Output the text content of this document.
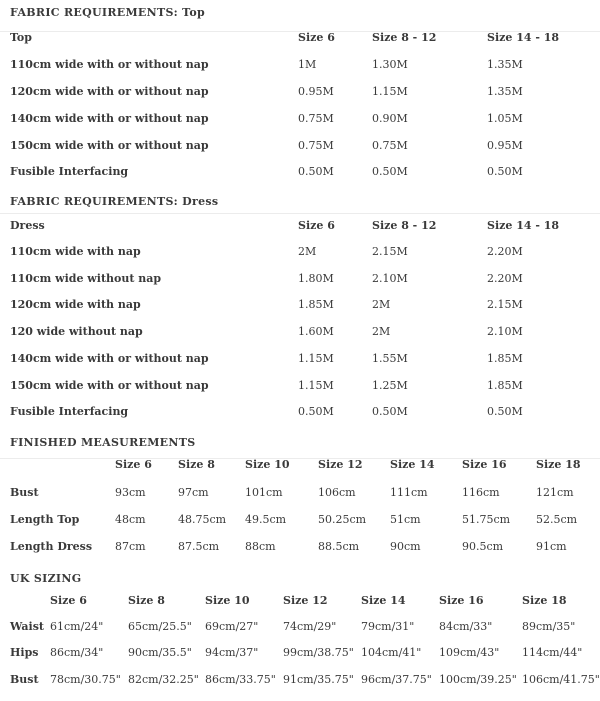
FABRIC REQUIREMENTS: Top
Top	Size 6	Size 8 - 12	Size 14 - 18
110cm wide with or without nap	1M	1.30M	1.35M
120cm wide with or without nap	0.95M	1.15M	1.35M
140cm wide with or without nap	0.75M	0.90M	1.05M
150cm wide with or without nap	0.75M	0.75M	0.95M
Fusible Interfacing	0.50M	0.50M	0.50M
FABRIC REQUIREMENTS: Dress
Dress	Size 6	Size 8 - 12	Size 14 - 18
110cm wide with nap	2M	2.15M	2.20M
110cm wide without nap	1.80M	2.10M	2.20M
120cm wide with nap	1.85M	2M	2.15M
120 wide without nap	1.60M	2M	2.10M
140cm wide with or without nap	1.15M	1.55M	1.85M
150cm wide with or without nap	1.15M	1.25M	1.85M
Fusible Interfacing	0.50M	0.50M	0.50M
FINISHED MEASUREMENTS
Size 6 Size 8	Size 10	Size 12 Size 14 Size 16	Size 18
Bust	93cm	97cm	101cm	106cm	111cm	116cm	121cm
Length Top	48cm	48.75cm 49.5cm	50.25cm 51cm	51.75cm 52.5cm
Length Dress 87cm	87.5cm 88cm	88.5cm	90cm	90.5cm	91cm
UK SIZING
Size 6	Size 8	Size 10	Size 12	Size 14	Size 16	Size 18
Waist 61cm/24" 65cm/25.5" 69cm/27" 74cm/29" 79cm/31" 84cm/33"	89cm/35"
Hips 86cm/34" 90cm/35.5" 94cm/37" 99cm/38.75" 104cm/41" 109cm/43" 114cm/44"
Bust 78cm/30.75" 82cm/32.25" 86cm/33.75" 91cm/35.75" 96cm/37.75" 100cm/39.25" 106cm/41.75"
